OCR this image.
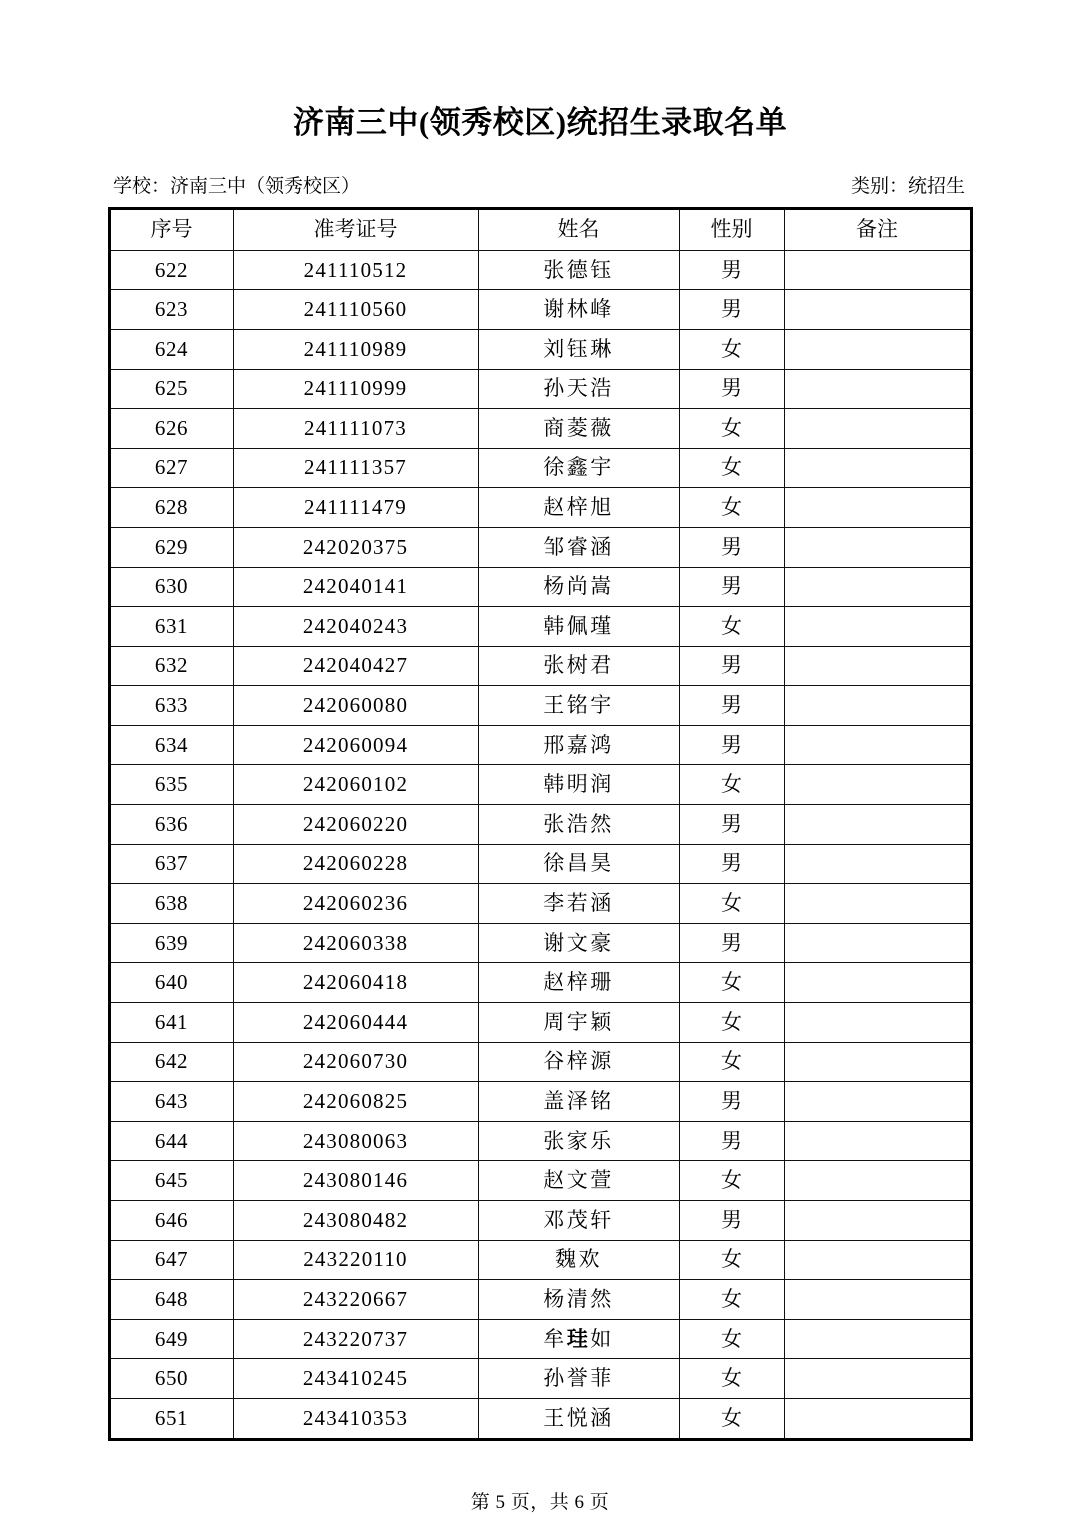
济南三中(领秀校区)统招生录取名单
学校：济南三中（领秀校区）	类别：统招生
序号	准考证号	姓名	性别	备注
622	241110512	张德钰	男	
623	241110560	谢林峰	男	
624	241110989	刘钰琳	女	
625	241110999	孙天浩	男	
626	241111073	商菱薇	女	
627	241111357	徐鑫宇	女	
628	241111479	赵梓旭	女	
629	242020375	邹睿涵	男	
630	242040141	杨尚嵩	男	
631	242040243	韩佩瑾	女	
632	242040427	张树君	男	
633	242060080	王铭宇	男	
634	242060094	邢嘉鸿	男	
635	242060102	韩明润	女	
636	242060220	张浩然	男	
637	242060228	徐昌昊	男	
638	242060236	李若涵	女	
639	242060338	谢文豪	男	
640	242060418	赵梓珊	女	
641	242060444	周宇颖	女	
642	242060730	谷梓源	女	
643	242060825	盖泽铭	男	
644	243080063	张家乐	男	
645	243080146	赵文萱	女	
646	243080482	邓茂轩	男	
647	243220110	魏欢	女	
648	243220667	杨清然	女	
649	243220737	牟珪如	女	
650	243410245	孙誉菲	女	
651	243410353	王悦涵	女	
第 5 页，共 6 页
